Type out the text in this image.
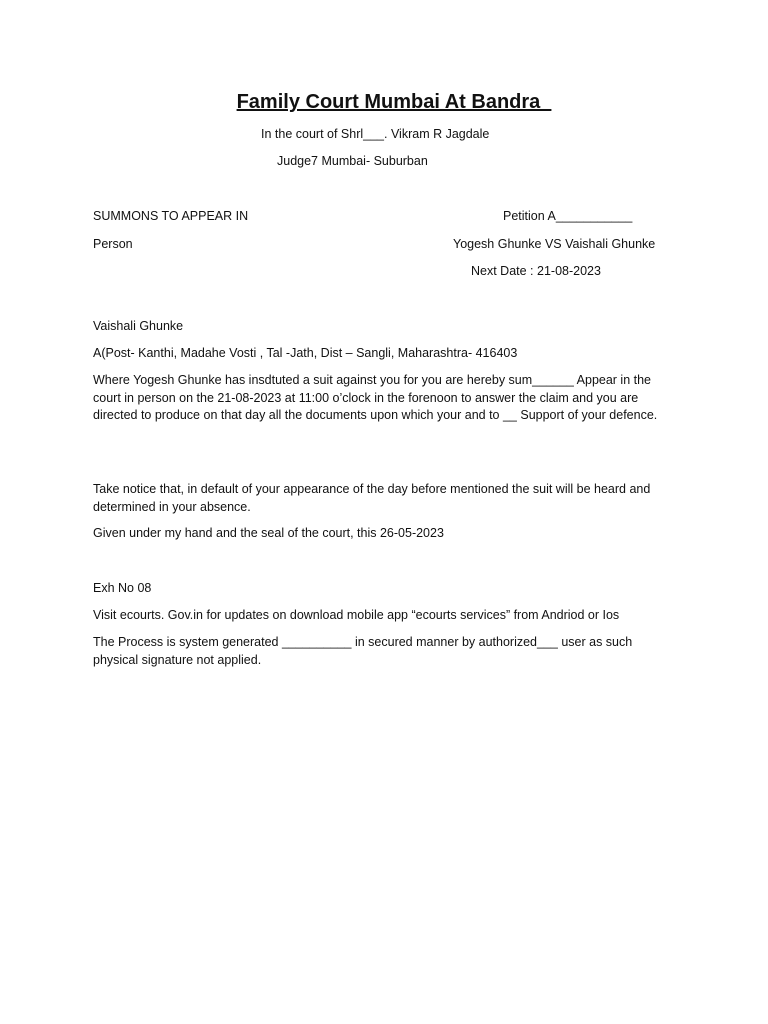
Family Court Mumbai At Bandra
In the court of Shrl___. Vikram R Jagdale
Judge7 Mumbai- Suburban
SUMMONS TO APPEAR IN	Petition A___________
Person	Yogesh Ghunke VS Vaishali Ghunke
Next Date : 21-08-2023
Vaishali Ghunke
A(Post- Kanthi, Madahe Vosti , Tal -Jath, Dist – Sangli, Maharashtra- 416403
Where Yogesh Ghunke has insdtuted a suit against you for you are hereby sum______ Appear in the court in person on the 21-08-2023 at 11:00 o’clock in the forenoon to answer the claim and you are directed to produce on that day all the documents upon which your and to __ Support of your defence.
Take notice that, in default of your appearance of the day before mentioned the suit will be heard and determined in your absence.
Given under my hand and the seal of the court, this 26-05-2023
Exh No 08
Visit ecourts. Gov.in for updates on download mobile app “ecourts services” from Andriod or Ios
The Process is system generated __________ in secured manner by authorized___ user as such physical signature not applied.
